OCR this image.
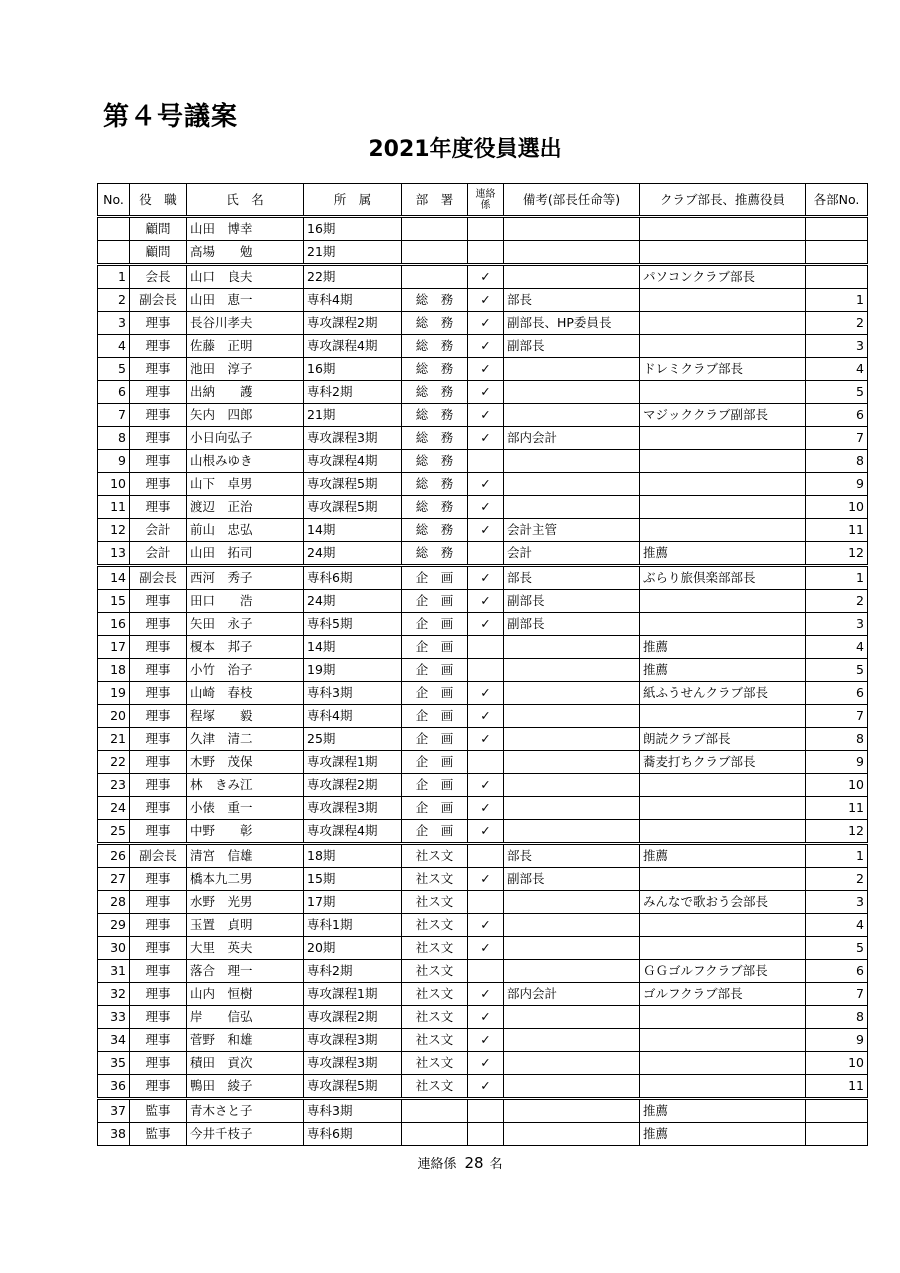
第４号議案
2021年度役員選出
No.	役　職	氏　名	所　属	部　署	連絡係	備考(部長任命等)	クラブ部長、推薦役員	各部No.
	顧問	山田　博幸	16期					
	顧問	高場　　勉	21期					
1	会長	山口　良夫	22期		✓		パソコンクラブ部長	
2	副会長	山田　恵一	専科4期	総　務	✓	部長		1
3	理事	長谷川孝夫	専攻課程2期	総　務	✓	副部長、HP委員長		2
4	理事	佐藤　正明	専攻課程4期	総　務	✓	副部長		3
5	理事	池田　淳子	16期	総　務	✓		ドレミクラブ部長	4
6	理事	出納　　護	専科2期	総　務	✓			5
7	理事	矢内　四郎	21期	総　務	✓		マジッククラブ副部長	6
8	理事	小日向弘子	専攻課程3期	総　務	✓	部内会計		7
9	理事	山根みゆき	専攻課程4期	総　務				8
10	理事	山下　卓男	専攻課程5期	総　務	✓			9
11	理事	渡辺　正治	専攻課程5期	総　務	✓			10
12	会計	前山　忠弘	14期	総　務	✓	会計主管		11
13	会計	山田　拓司	24期	総　務		会計	推薦	12
14	副会長	西河　秀子	専科6期	企　画	✓	部長	ぶらり旅倶楽部部長	1
15	理事	田口　　浩	24期	企　画	✓	副部長		2
16	理事	矢田　永子	専科5期	企　画	✓	副部長		3
17	理事	榎本　邦子	14期	企　画			推薦	4
18	理事	小竹　治子	19期	企　画			推薦	5
19	理事	山崎　春枝	専科3期	企　画	✓		紙ふうせんクラブ部長	6
20	理事	程塚　　毅	専科4期	企　画	✓			7
21	理事	久津　清二	25期	企　画	✓		朗読クラブ部長	8
22	理事	木野　茂保	専攻課程1期	企　画			蕎麦打ちクラブ部長	9
23	理事	林　きみ江	専攻課程2期	企　画	✓			10
24	理事	小俵　重一	専攻課程3期	企　画	✓			11
25	理事	中野　　彰	専攻課程4期	企　画	✓			12
26	副会長	清宮　信雄	18期	社ス文		部長	推薦	1
27	理事	橋本九二男	15期	社ス文	✓	副部長		2
28	理事	水野　光男	17期	社ス文			みんなで歌おう会部長	3
29	理事	玉置　貞明	専科1期	社ス文	✓			4
30	理事	大里　英夫	20期	社ス文	✓			5
31	理事	落合　理一	専科2期	社ス文			ＧＧゴルフクラブ部長	6
32	理事	山内　恒樹	専攻課程1期	社ス文	✓	部内会計	ゴルフクラブ部長	7
33	理事	岸　　信弘	専攻課程2期	社ス文	✓			8
34	理事	菅野　和雄	専攻課程3期	社ス文	✓			9
35	理事	積田　貢次	専攻課程3期	社ス文	✓			10
36	理事	鴨田　綾子	専攻課程5期	社ス文	✓			11
37	監事	青木さと子	専科3期				推薦	
38	監事	今井千枝子	専科6期				推薦	
連絡係 28 名
